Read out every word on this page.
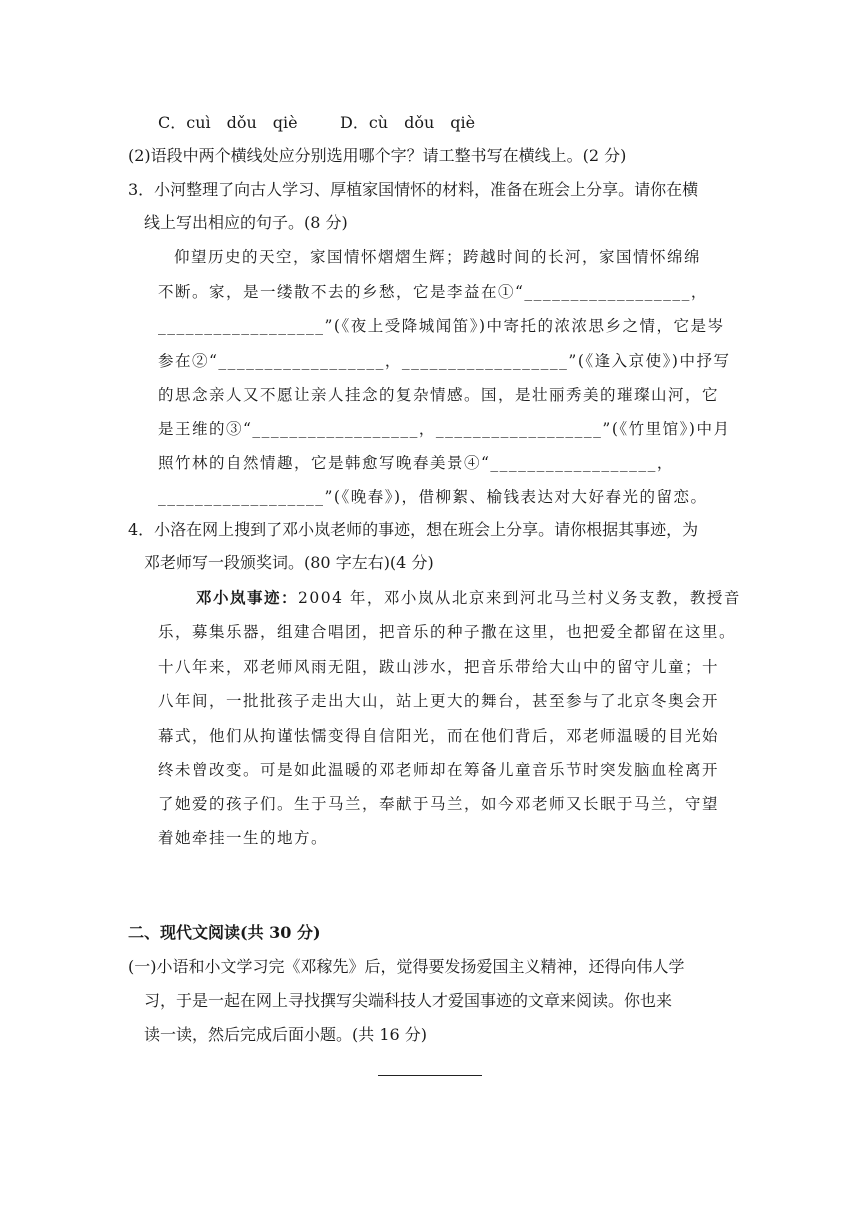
C．cuì　dǒu　qiè	D．cù　dǒu　qiè
(2)语段中两个横线处应分别选用哪个字？请工整书写在横线上。(2 分)
3．小河整理了向古人学习、厚植家国情怀的材料，准备在班会上分享。请你在横
线上写出相应的句子。(8 分)
仰望历史的天空，家国情怀熠熠生辉；跨越时间的长河，家国情怀绵绵
不断。家，是一缕散不去的乡愁，它是李益在①“__________________，
__________________”(《夜上受降城闻笛》)中寄托的浓浓思乡之情，它是岑
参在②“__________________，__________________”(《逢入京使》)中抒写
的思念亲人又不愿让亲人挂念的复杂情感。国，是壮丽秀美的璀璨山河，它
是王维的③“__________________，__________________”(《竹里馆》)中月
照竹林的自然情趣，它是韩愈写晚春美景④“__________________，
__________________”(《晚春》)，借柳絮、榆钱表达对大好春光的留恋。
4．小洛在网上搜到了邓小岚老师的事迹，想在班会上分享。请你根据其事迹，为
邓老师写一段颁奖词。(80 字左右)(4 分)
邓小岚事迹：2004 年，邓小岚从北京来到河北马兰村义务支教，教授音
乐，募集乐器，组建合唱团，把音乐的种子撒在这里，也把爱全都留在这里。
十八年来，邓老师风雨无阻，跋山涉水，把音乐带给大山中的留守儿童；十
八年间，一批批孩子走出大山，站上更大的舞台，甚至参与了北京冬奥会开
幕式，他们从拘谨怯懦变得自信阳光，而在他们背后，邓老师温暖的目光始
终未曾改变。可是如此温暖的邓老师却在筹备儿童音乐节时突发脑血栓离开
了她爱的孩子们。生于马兰，奉献于马兰，如今邓老师又长眠于马兰，守望
着她牵挂一生的地方。
二、现代文阅读(共 30 分)
(一)小语和小文学习完《邓稼先》后，觉得要发扬爱国主义精神，还得向伟人学
习，于是一起在网上寻找撰写尖端科技人才爱国事迹的文章来阅读。你也来
读一读，然后完成后面小题。(共 16 分)
